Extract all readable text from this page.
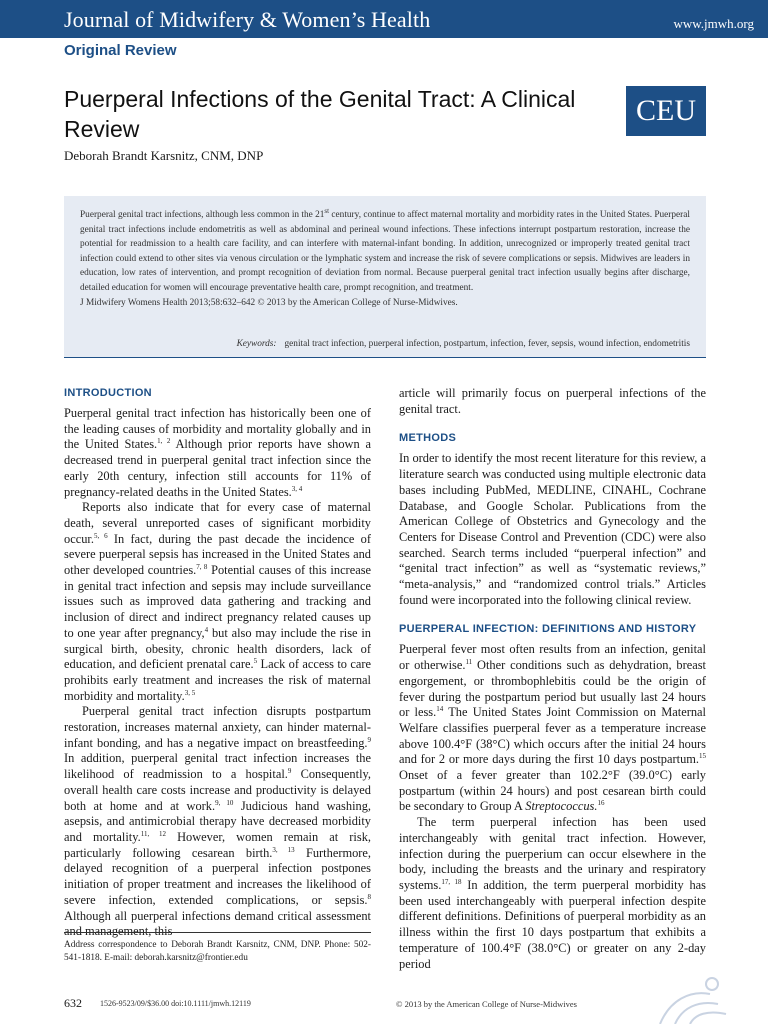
Journal of Midwifery & Women’s Health	www.jmwh.org
Original Review
Puerperal Infections of the Genital Tract: A Clinical Review
CEU
Deborah Brandt Karsnitz, CNM, DNP

Puerperal genital tract infections, although less common in the 21st century, continue to affect maternal mortality and morbidity rates in the United States. Puerperal genital tract infections include endometritis as well as abdominal and perineal wound infections. These infections interrupt postpartum restoration, increase the potential for readmission to a health care facility, and can interfere with maternal-infant bonding. In addition, unrecognized or improperly treated genital tract infection could extend to other sites via venous circulation or the lymphatic system and increase the risk of severe complications or sepsis. Midwives are leaders in education, low rates of intervention, and prompt recognition of deviation from normal. Because puerperal genital tract infection usually begins after discharge, detailed education for women will encourage preventative health care, prompt recognition, and treatment.

J Midwifery Womens Health 2013;58:632–642 © 2013 by the American College of Nurse-Midwives.

Keywords: genital tract infection, puerperal infection, postpartum, infection, fever, sepsis, wound infection, endometritis
INTRODUCTION

Puerperal genital tract infection has historically been one of the leading causes of morbidity and mortality globally and in the United States.$^{1, 2}$ Although prior reports have shown a decreased trend in puerperal genital tract infection since the early 20th century, infection still accounts for 11% of pregnancy-related deaths in the United States.$^{3, 4}$

Reports also indicate that for every case of maternal death, several unreported cases of significant morbidity occur.$^{5, 6}$ In fact, during the past decade the incidence of severe puerperal sepsis has increased in the United States and other developed countries.$^{7, 8}$ Potential causes of this increase in genital tract infection and sepsis may include surveillance issues such as improved data gathering and tracking and inclusion of direct and indirect pregnancy related causes up to one year after pregnancy,$^4$ but also may include the rise in surgical birth, obesity, chronic health disorders, lack of education, and deficient prenatal care.$^5$ Lack of access to care prohibits early treatment and increases the risk of maternal morbidity and mortality.$^{3, 5}$

Puerperal genital tract infection disrupts postpartum restoration, increases maternal anxiety, can hinder maternal-infant bonding, and has a negative impact on breastfeeding.$^9$ In addition, puerperal genital tract infection increases the likelihood of readmission to a hospital.$^9$ Consequently, overall health care costs increase and productivity is delayed both at home and at work.$^{9, 10}$ Judicious hand washing, asepsis, and antimicrobial therapy have decreased morbidity and mortality.$^{11, 12}$ However, women remain at risk, particularly following cesarean birth.$^{3, 13}$ Furthermore, delayed recognition of a puerperal infection postpones initiation of proper treatment and increases the likelihood of severe infection, extended complications, or sepsis.$^8$ Although all puerperal infections demand critical assessment and management, this

article will primarily focus on puerperal infections of the genital tract.

METHODS

In order to identify the most recent literature for this review, a literature search was conducted using multiple electronic data bases including PubMed, MEDLINE, CINAHL, Cochrane Database, and Google Scholar. Publications from the American College of Obstetrics and Gynecology and the Centers for Disease Control and Prevention (CDC) were also searched. Search terms included “puerperal infection” and “genital tract infection” as well as “systematic reviews,” “meta-analysis,” and “randomized control trials.” Articles found were incorporated into the following clinical review.

PUERPERAL INFECTION: DEFINITIONS AND HISTORY

Puerperal fever most often results from an infection, genital or otherwise.$^{11}$ Other conditions such as dehydration, breast engorgement, or thrombophlebitis could be the origin of fever during the postpartum period but usually last 24 hours or less.$^{14}$ The United States Joint Commission on Maternal Welfare classifies puerperal fever as a temperature increase above 100.4°F (38°C) which occurs after the initial 24 hours and for 2 or more days during the first 10 days postpartum.$^{15}$ Onset of a fever greater than 102.2°F (39.0°C) early postpartum (within 24 hours) and post cesarean birth could be secondary to Group A Streptococcus.$^{16}$

The term puerperal infection has been used interchangeably with genital tract infection. However, infection during the puerperium can occur elsewhere in the body, including the breasts and the urinary and respiratory systems.$^{17, 18}$ In addition, the term puerperal morbidity has been used interchangeably with puerperal infection despite different definitions. Definitions of puerperal morbidity as an illness within the first 10 days postpartum that exhibits a temperature of 100.4°F (38.0°C) or greater on any 2-day period

Address correspondence to Deborah Brandt Karsnitz, CNM, DNP. Phone: 502-541-1818. E-mail: deborah.karsnitz@frontier.edu
632 1526-9523/09/$36.00 doi:10.1111/jmwh.12119	© 2013 by the American College of Nurse-Midwives
